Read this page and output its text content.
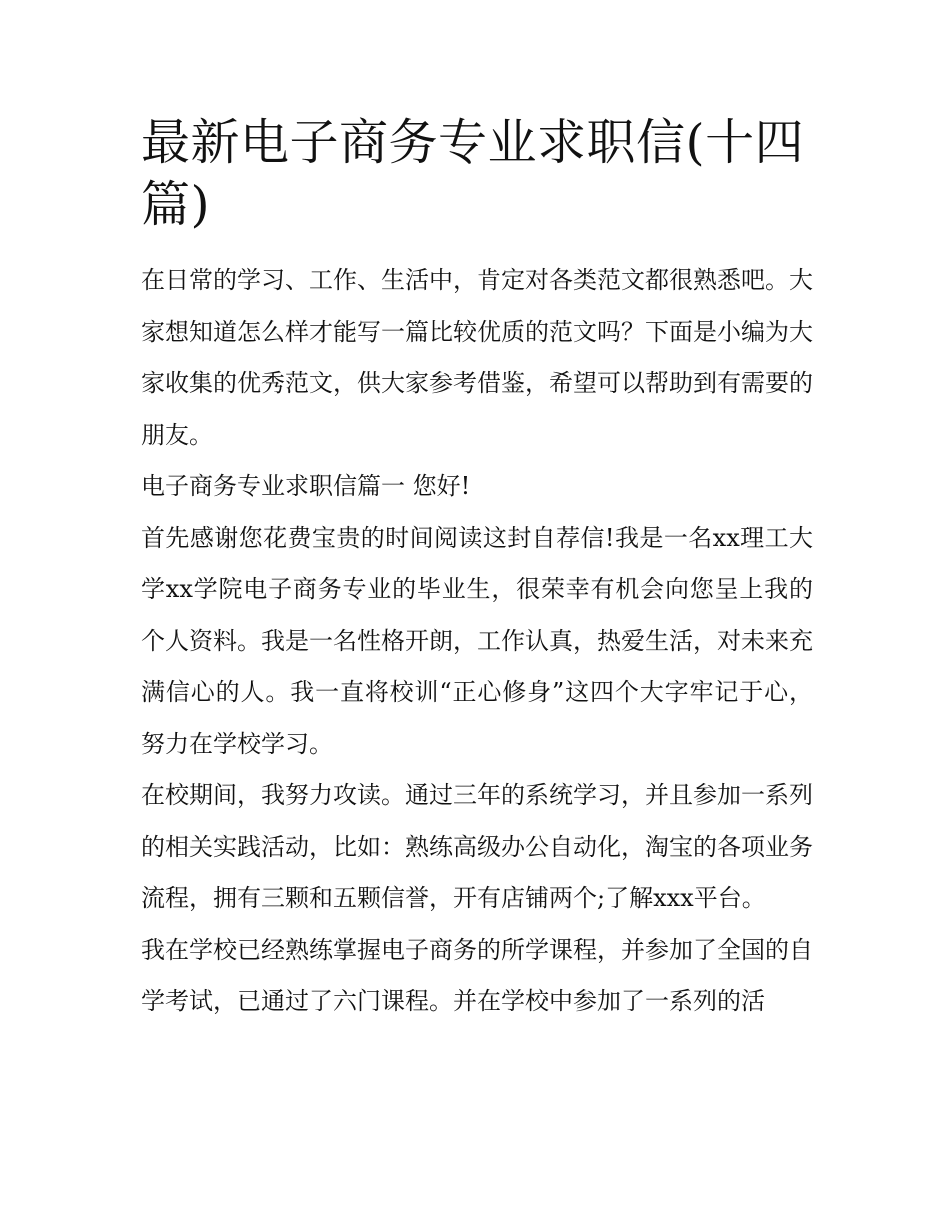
最新电子商务专业求职信(十四篇)

在日常的学习、工作、生活中，肯定对各类范文都很熟悉吧。大家想知道怎么样才能写一篇比较优质的范文吗？下面是小编为大家收集的优秀范文，供大家参考借鉴，希望可以帮助到有需要的朋友。

电子商务专业求职信篇一 您好!

首先感谢您花费宝贵的时间阅读这封自荐信!我是一名xx理工大学xx学院电子商务专业的毕业生，很荣幸有机会向您呈上我的个人资料。我是一名性格开朗，工作认真，热爱生活，对未来充满信心的人。我一直将校训“正心修身”这四个大字牢记于心，努力在学校学习。

在校期间，我努力攻读。通过三年的系统学习，并且参加一系列的相关实践活动，比如：熟练高级办公自动化，淘宝的各项业务流程，拥有三颗和五颗信誉，开有店铺两个;了解xxx平台。

我在学校已经熟练掌握电子商务的所学课程，并参加了全国的自学考试，已通过了六门课程。并在学校中参加了一系列的活
